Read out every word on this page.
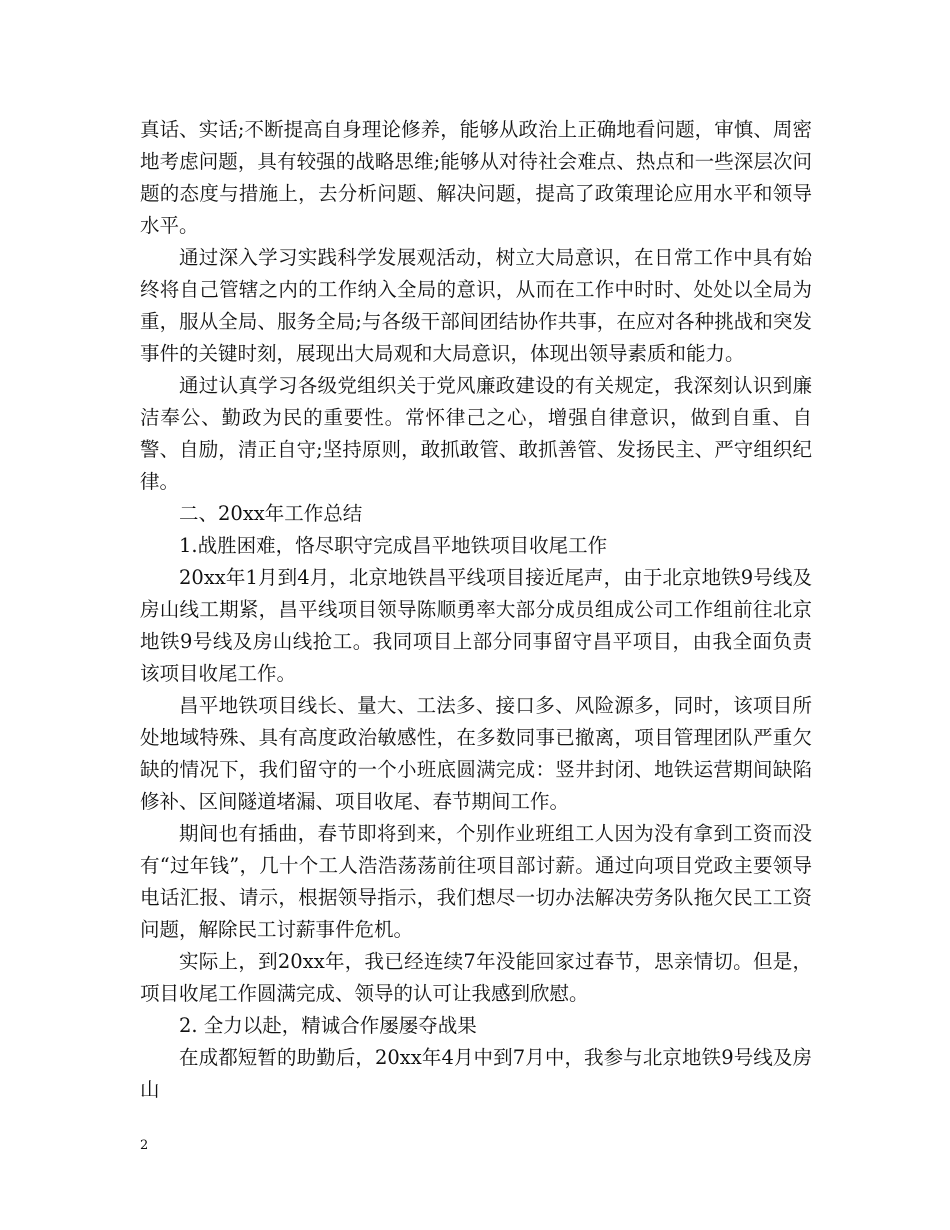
真话、实话;不断提高自身理论修养，能够从政治上正确地看问题，审慎、周密地考虑问题，具有较强的战略思维;能够从对待社会难点、热点和一些深层次问题的态度与措施上，去分析问题、解决问题，提高了政策理论应用水平和领导水平。

通过深入学习实践科学发展观活动，树立大局意识，在日常工作中具有始终将自己管辖之内的工作纳入全局的意识，从而在工作中时时、处处以全局为重，服从全局、服务全局;与各级干部间团结协作共事，在应对各种挑战和突发事件的关键时刻，展现出大局观和大局意识，体现出领导素质和能力。

通过认真学习各级党组织关于党风廉政建设的有关规定，我深刻认识到廉洁奉公、勤政为民的重要性。常怀律己之心，增强自律意识，做到自重、自警、自励，清正自守;坚持原则，敢抓敢管、敢抓善管、发扬民主、严守组织纪律。

二、20xx年工作总结

1.战胜困难，恪尽职守完成昌平地铁项目收尾工作

20xx年1月到4月，北京地铁昌平线项目接近尾声，由于北京地铁9号线及房山线工期紧，昌平线项目领导陈顺勇率大部分成员组成公司工作组前往北京地铁9号线及房山线抢工。我同项目上部分同事留守昌平项目，由我全面负责该项目收尾工作。

昌平地铁项目线长、量大、工法多、接口多、风险源多，同时，该项目所处地域特殊、具有高度政治敏感性，在多数同事已撤离，项目管理团队严重欠缺的情况下，我们留守的一个小班底圆满完成：竖井封闭、地铁运营期间缺陷修补、区间隧道堵漏、项目收尾、春节期间工作。

期间也有插曲，春节即将到来，个别作业班组工人因为没有拿到工资而没有“过年钱”，几十个工人浩浩荡荡前往项目部讨薪。通过向项目党政主要领导电话汇报、请示，根据领导指示，我们想尽一切办法解决劳务队拖欠民工工资问题，解除民工讨薪事件危机。

实际上，到20xx年，我已经连续7年没能回家过春节，思亲情切。但是，项目收尾工作圆满完成、领导的认可让我感到欣慰。

2. 全力以赴，精诚合作屡屡夺战果

在成都短暂的助勤后，20xx年4月中到7月中，我参与北京地铁9号线及房山

2
